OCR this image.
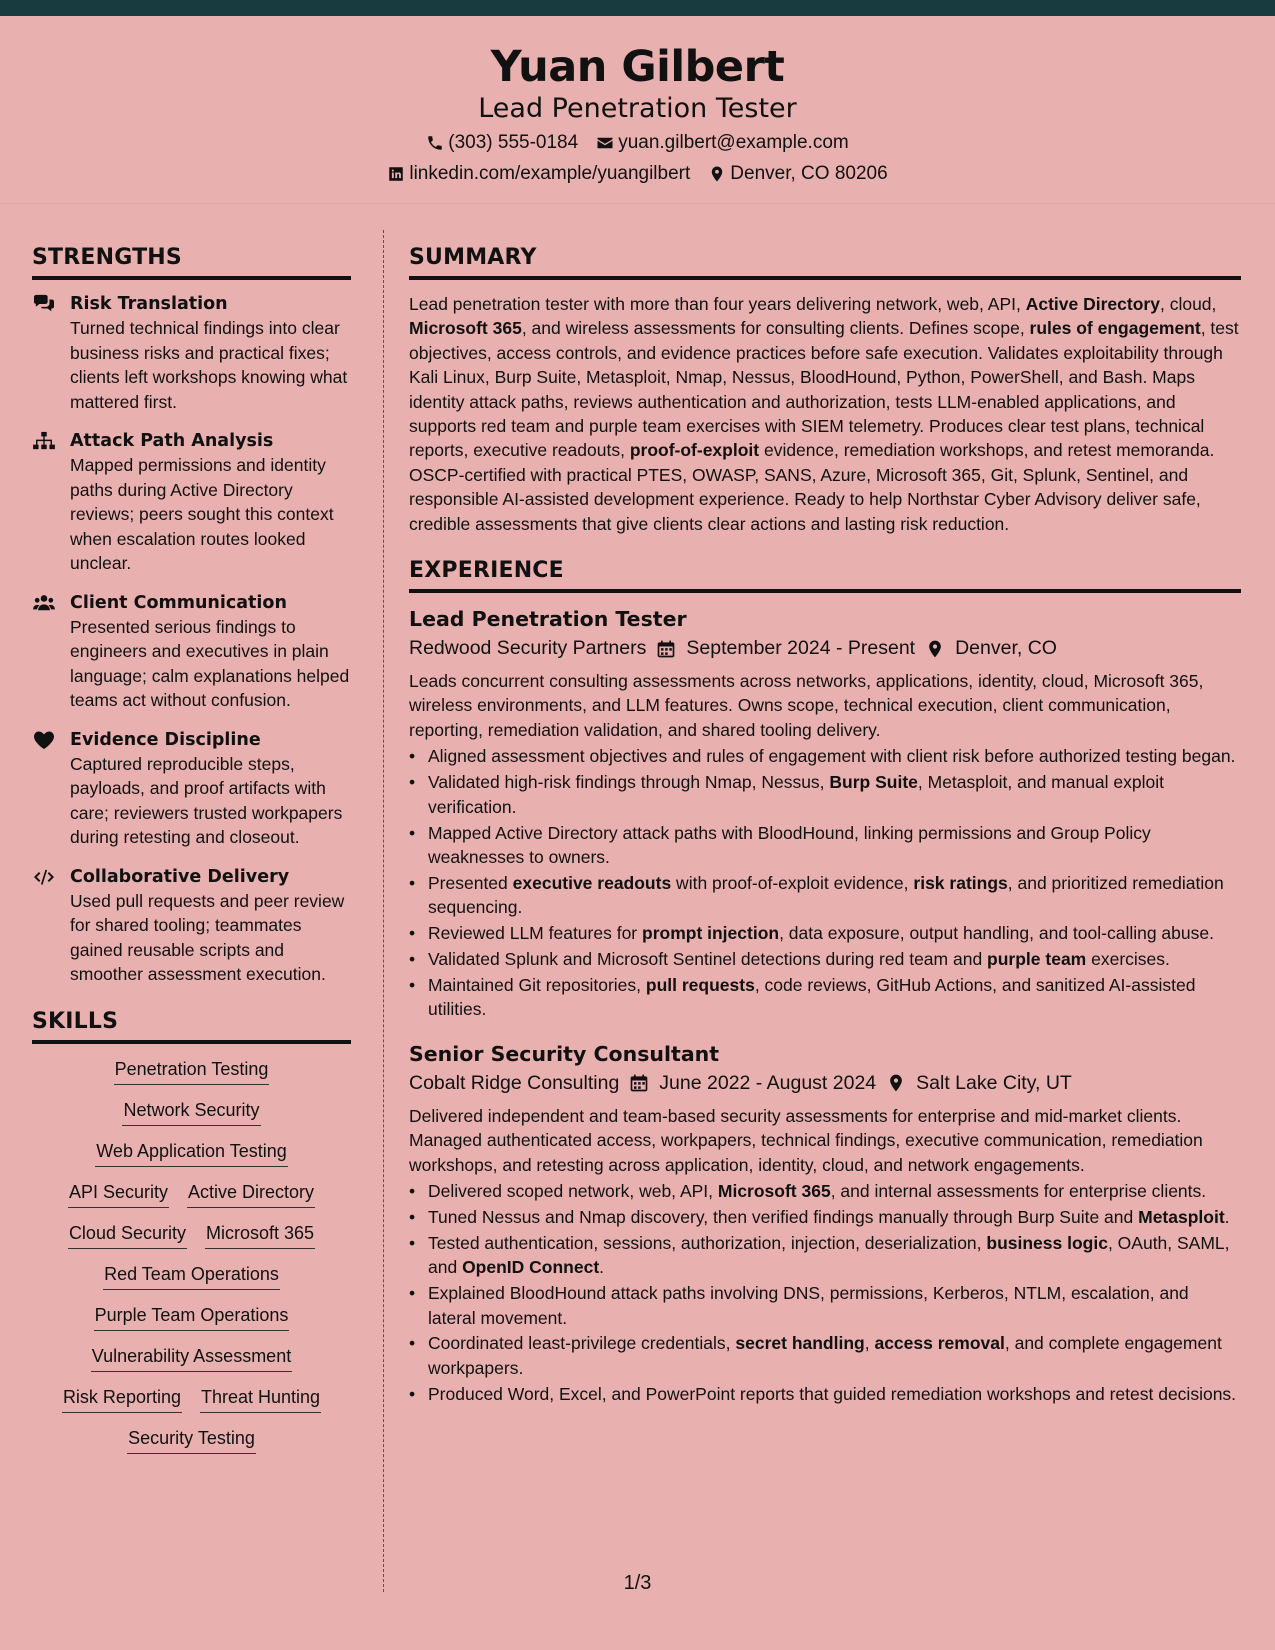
Yuan Gilbert
Lead Penetration Tester
(303) 555-0184 yuan.gilbert@example.com
linkedin.com/example/yuangilbert Denver, CO 80206
STRENGTHS
Risk Translation
Turned technical findings into clear business risks and practical fixes; clients left workshops knowing what mattered first.
Attack Path Analysis
Mapped permissions and identity paths during Active Directory reviews; peers sought this context when escalation routes looked unclear.
Client Communication
Presented serious findings to engineers and executives in plain language; calm explanations helped teams act without confusion.
Evidence Discipline
Captured reproducible steps, payloads, and proof artifacts with care; reviewers trusted workpapers during retesting and closeout.
Collaborative Delivery
Used pull requests and peer review for shared tooling; teammates gained reusable scripts and smoother assessment execution.
SKILLS
Penetration Testing
Network Security
Web Application Testing
API Security Active Directory
Cloud Security Microsoft 365
Red Team Operations
Purple Team Operations
Vulnerability Assessment
Risk Reporting Threat Hunting
Security Testing
SUMMARY
Lead penetration tester with more than four years delivering network, web, API, Active Directory, cloud, Microsoft 365, and wireless assessments for consulting clients. Defines scope, rules of engagement, test objectives, access controls, and evidence practices before safe execution. Validates exploitability through Kali Linux, Burp Suite, Metasploit, Nmap, Nessus, BloodHound, Python, PowerShell, and Bash. Maps identity attack paths, reviews authentication and authorization, tests LLM-enabled applications, and supports red team and purple team exercises with SIEM telemetry. Produces clear test plans, technical reports, executive readouts, proof-of-exploit evidence, remediation workshops, and retest memoranda. OSCP-certified with practical PTES, OWASP, SANS, Azure, Microsoft 365, Git, Splunk, Sentinel, and responsible AI-assisted development experience. Ready to help Northstar Cyber Advisory deliver safe, credible assessments that give clients clear actions and lasting risk reduction.
EXPERIENCE
Lead Penetration Tester
Redwood Security Partners September 2024 - Present Denver, CO
Leads concurrent consulting assessments across networks, applications, identity, cloud, Microsoft 365, wireless environments, and LLM features. Owns scope, technical execution, client communication, reporting, remediation validation, and shared tooling delivery.
• Aligned assessment objectives and rules of engagement with client risk before authorized testing began.
• Validated high-risk findings through Nmap, Nessus, Burp Suite, Metasploit, and manual exploit verification.
• Mapped Active Directory attack paths with BloodHound, linking permissions and Group Policy weaknesses to owners.
• Presented executive readouts with proof-of-exploit evidence, risk ratings, and prioritized remediation sequencing.
• Reviewed LLM features for prompt injection, data exposure, output handling, and tool-calling abuse.
• Validated Splunk and Microsoft Sentinel detections during red team and purple team exercises.
• Maintained Git repositories, pull requests, code reviews, GitHub Actions, and sanitized AI-assisted utilities.
Senior Security Consultant
Cobalt Ridge Consulting June 2022 - August 2024 Salt Lake City, UT
Delivered independent and team-based security assessments for enterprise and mid-market clients. Managed authenticated access, workpapers, technical findings, executive communication, remediation workshops, and retesting across application, identity, cloud, and network engagements.
• Delivered scoped network, web, API, Microsoft 365, and internal assessments for enterprise clients.
• Tuned Nessus and Nmap discovery, then verified findings manually through Burp Suite and Metasploit.
• Tested authentication, sessions, authorization, injection, deserialization, business logic, OAuth, SAML, and OpenID Connect.
• Explained BloodHound attack paths involving DNS, permissions, Kerberos, NTLM, escalation, and lateral movement.
• Coordinated least-privilege credentials, secret handling, access removal, and complete engagement workpapers.
• Produced Word, Excel, and PowerPoint reports that guided remediation workshops and retest decisions.
1/3
